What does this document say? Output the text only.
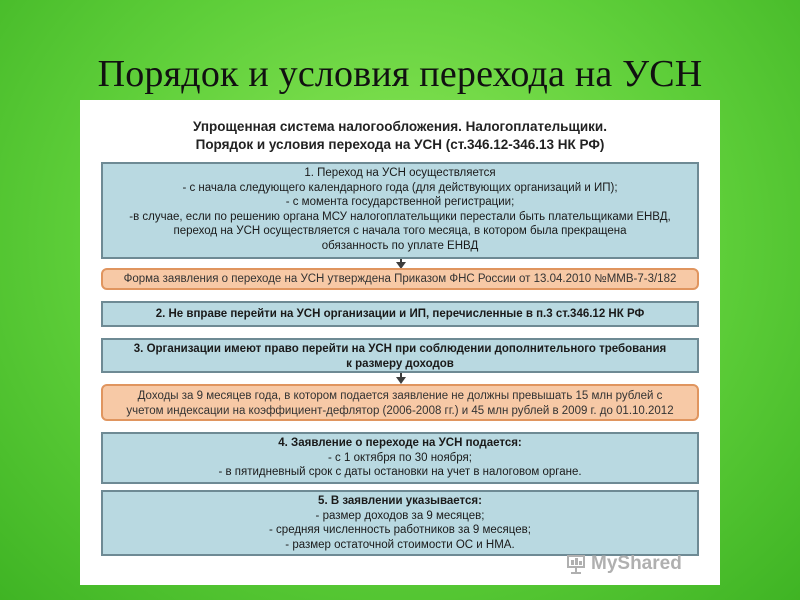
Порядок и условия перехода на УСН
Упрощенная система налогообложения. Налогоплательщики.
Порядок и условия перехода на УСН (ст.346.12-346.13 НК РФ)
1. Переход на УСН осуществляется
- с начала следующего календарного года (для действующих организаций и ИП);
- с момента государственной регистрации;
-в случае, если по решению органа МСУ налогоплательщики перестали быть плательщиками ЕНВД,
переход на УСН осуществляется с начала того месяца, в котором была прекращена
обязанность по уплате ЕНВД
Форма заявления о переходе на УСН утверждена Приказом ФНС России от 13.04.2010 №ММВ-7-3/182
2. Не вправе перейти на УСН организации и ИП, перечисленные в п.3 ст.346.12 НК РФ
3. Организации имеют право перейти на УСН при соблюдении дополнительного требования
к размеру доходов
Доходы за 9 месяцев года, в котором подается заявление не должны превышать 15 млн рублей с
учетом индексации на коэффициент-дефлятор (2006-2008 гг.) и 45 млн рублей в 2009 г. до 01.10.2012
4. Заявление о переходе на УСН подается:
- с 1 октября по 30 ноября;
- в пятидневный срок с даты остановки на учет в налоговом органе.
5. В заявлении указывается:
- размер доходов за 9 месяцев;
- средняя численность работников за 9 месяцев;
- размер остаточной стоимости ОС и НМА.
MyShared
